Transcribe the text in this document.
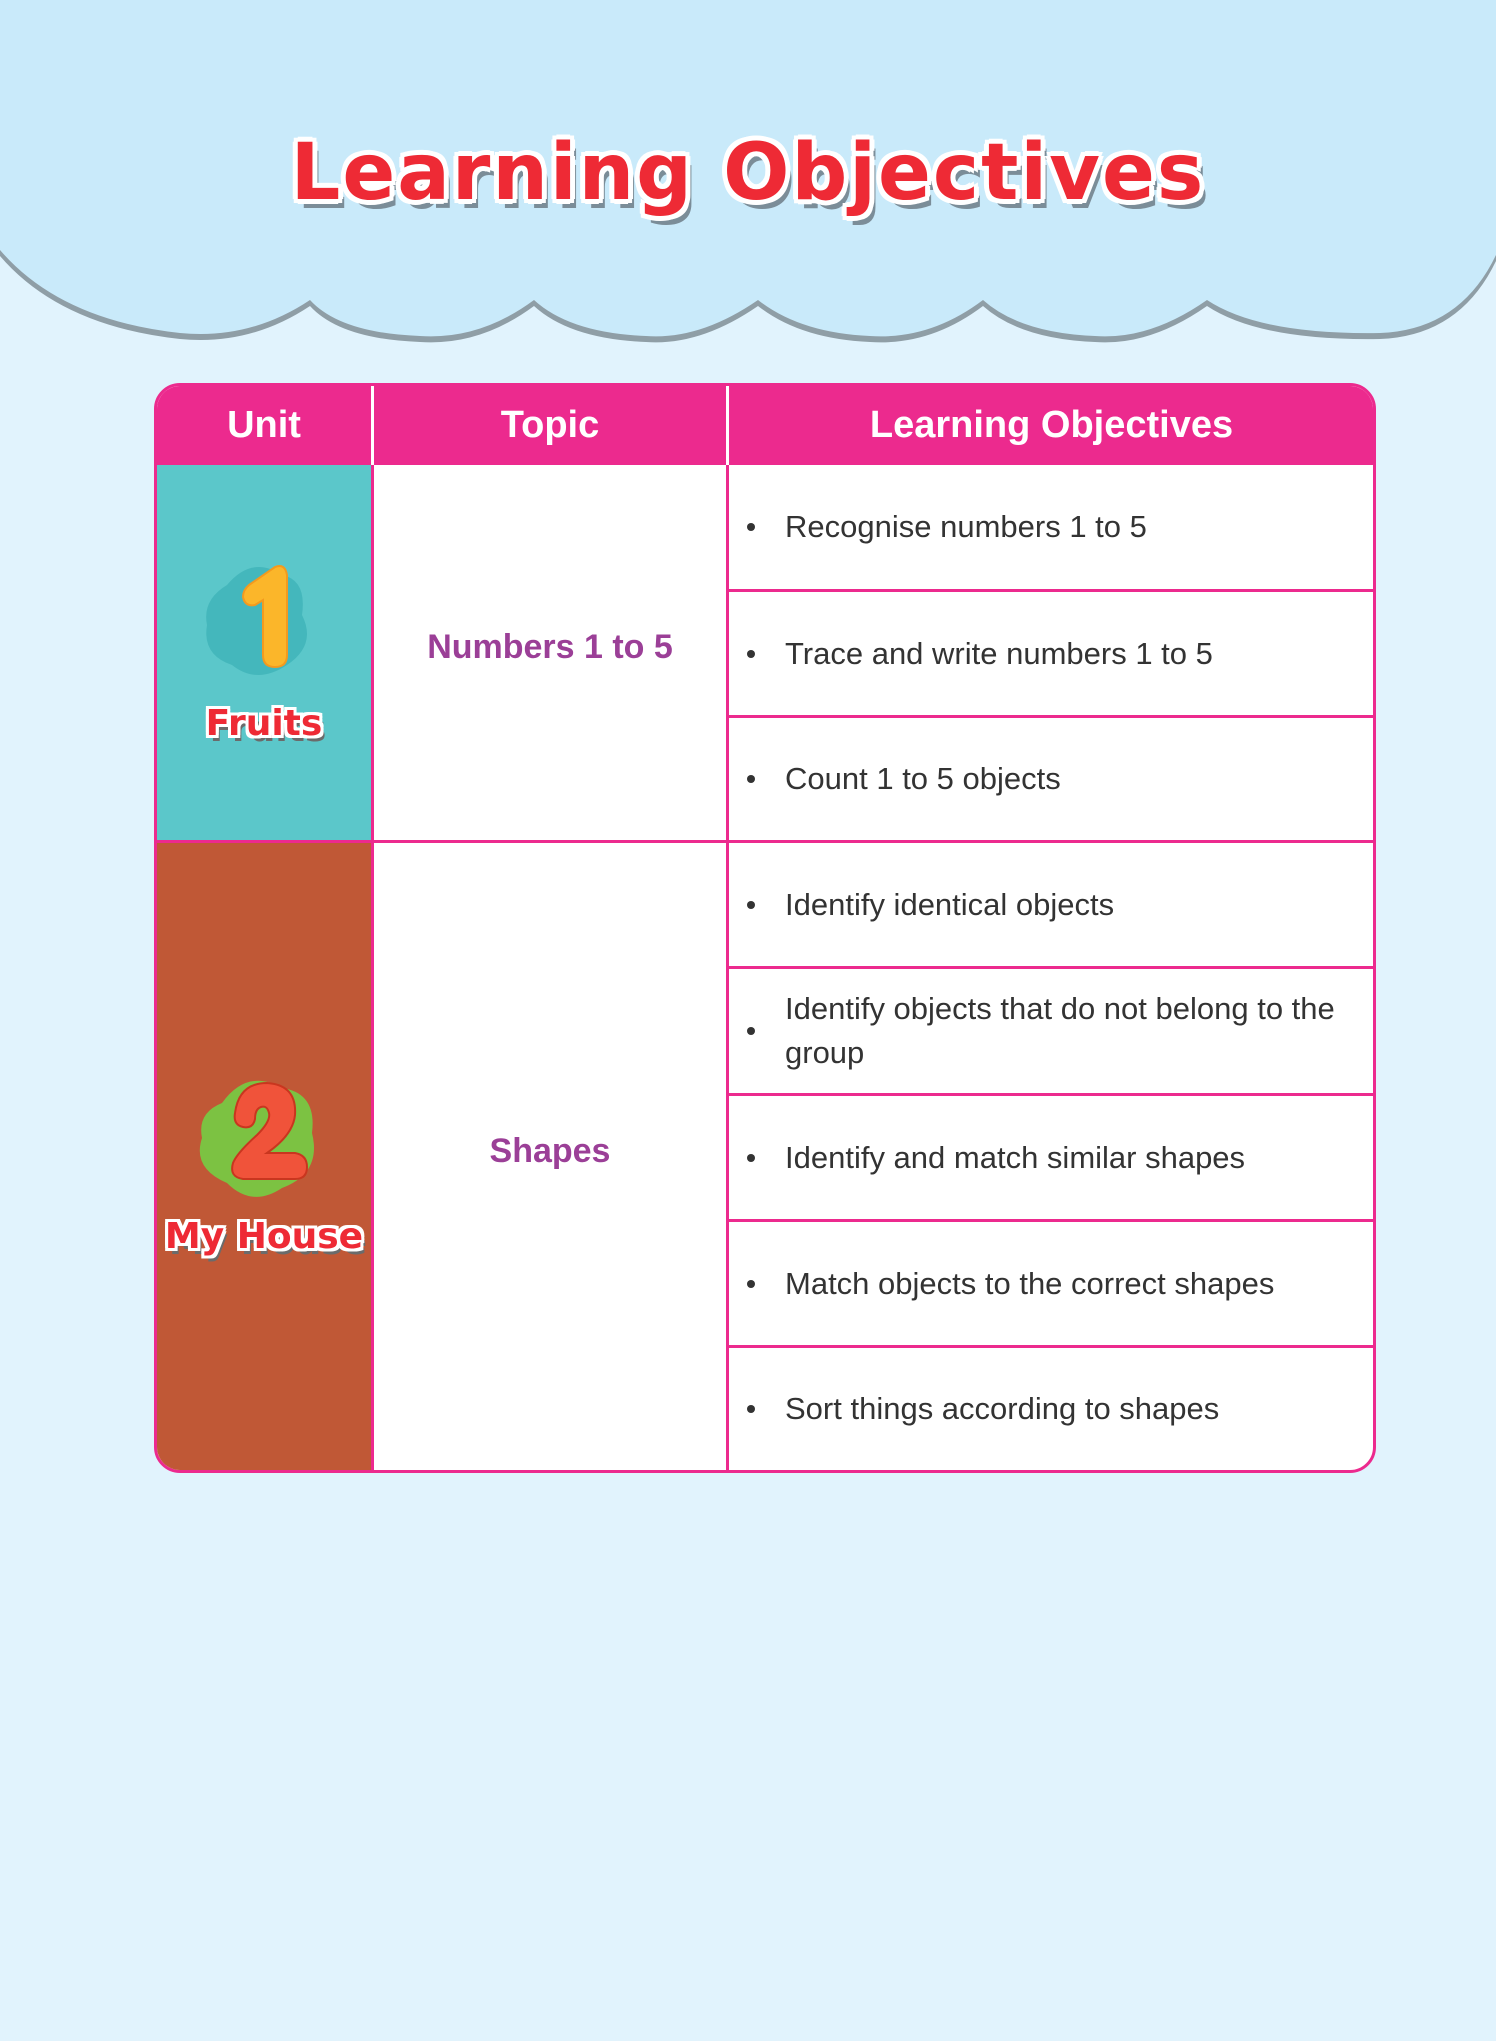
Learning Objectives
Unit	Topic	Learning Objectives
1
Fruits
Numbers 1 to 5
Recognise numbers 1 to 5
Trace and write numbers 1 to 5
Count 1 to 5 objects
2
My House
Shapes
Identify identical objects
Identify objects that do not belong to the group
Identify and match similar shapes
Match objects to the correct shapes
Sort things according to shapes
